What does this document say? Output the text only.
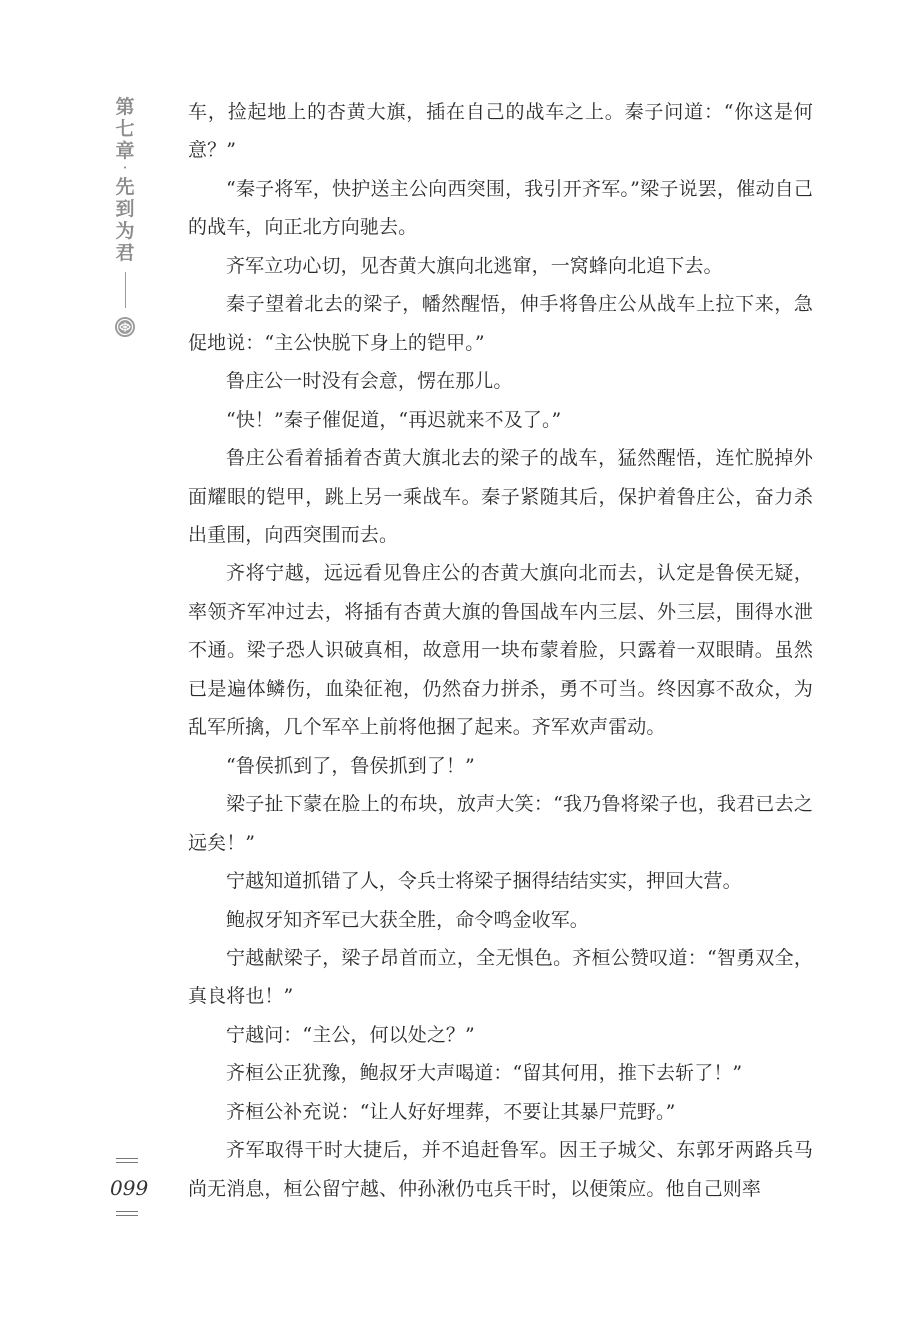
第
七
章
·
先
到
为
君

车，捡起地上的杏黄大旗，插在自己的战车之上。秦子问道：“你这是何意？”

“秦子将军，快护送主公向西突围，我引开齐军。”梁子说罢，催动自己的战车，向正北方向驰去。

齐军立功心切，见杏黄大旗向北逃窜，一窝蜂向北追下去。

秦子望着北去的梁子，幡然醒悟，伸手将鲁庄公从战车上拉下来，急促地说：“主公快脱下身上的铠甲。”

鲁庄公一时没有会意，愣在那儿。

“快！”秦子催促道，“再迟就来不及了。”

鲁庄公看着插着杏黄大旗北去的梁子的战车，猛然醒悟，连忙脱掉外面耀眼的铠甲，跳上另一乘战车。秦子紧随其后，保护着鲁庄公，奋力杀出重围，向西突围而去。

齐将宁越，远远看见鲁庄公的杏黄大旗向北而去，认定是鲁侯无疑，率领齐军冲过去，将插有杏黄大旗的鲁国战车内三层、外三层，围得水泄不通。梁子恐人识破真相，故意用一块布蒙着脸，只露着一双眼睛。虽然已是遍体鳞伤，血染征袍，仍然奋力拼杀，勇不可当。终因寡不敌众，为乱军所擒，几个军卒上前将他捆了起来。齐军欢声雷动。

“鲁侯抓到了，鲁侯抓到了！”

梁子扯下蒙在脸上的布块，放声大笑：“我乃鲁将梁子也，我君已去之远矣！”

宁越知道抓错了人，令兵士将梁子捆得结结实实，押回大营。

鲍叔牙知齐军已大获全胜，命令鸣金收军。

宁越献梁子，梁子昂首而立，全无惧色。齐桓公赞叹道：“智勇双全，真良将也！”

宁越问：“主公，何以处之？”

齐桓公正犹豫，鲍叔牙大声喝道：“留其何用，推下去斩了！”

齐桓公补充说：“让人好好埋葬，不要让其暴尸荒野。”

齐军取得干时大捷后，并不追赶鲁军。因王子城父、东郭牙两路兵马尚无消息，桓公留宁越、仲孙湫仍屯兵干时，以便策应。他自己则率

099
